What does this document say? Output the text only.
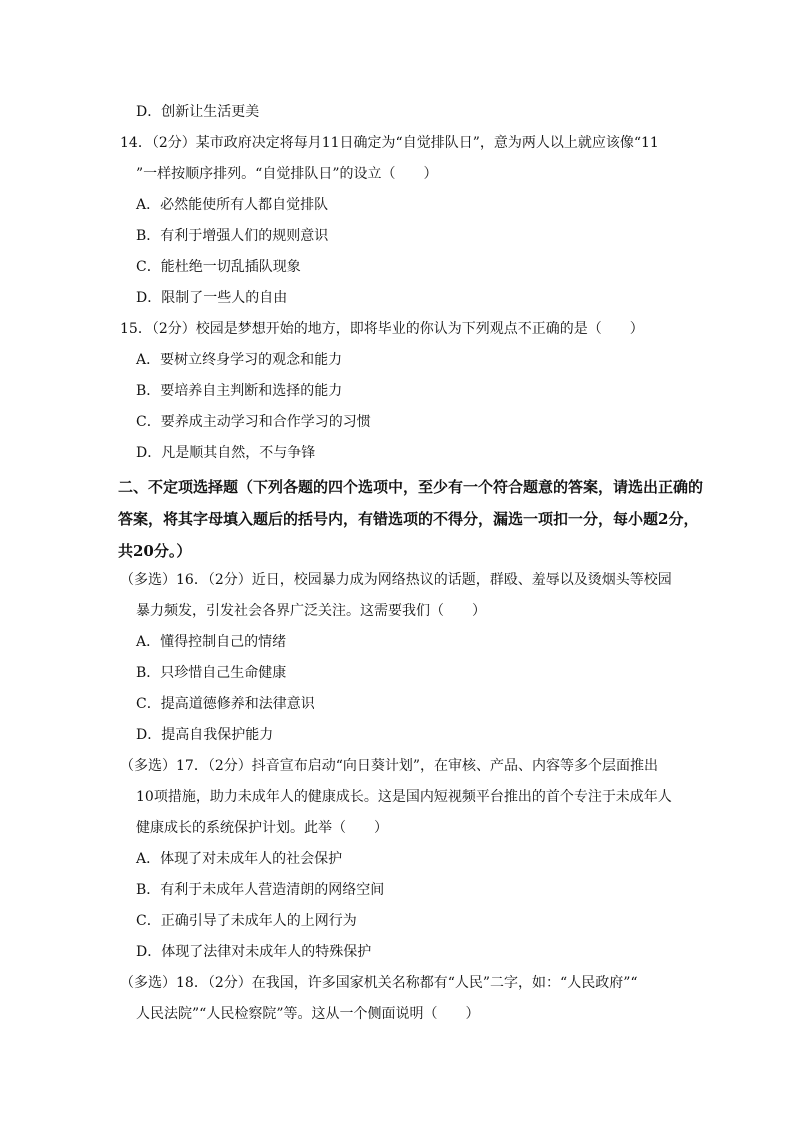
D．创新让生活更美
14．（2分）某市政府决定将每月11日确定为“自觉排队日”，意为两人以上就应该像“11
”一样按顺序排列。“自觉排队日”的设立（　　）
A．必然能使所有人都自觉排队
B．有利于增强人们的规则意识
C．能杜绝一切乱插队现象
D．限制了一些人的自由
15．（2分）校园是梦想开始的地方，即将毕业的你认为下列观点不正确的是（　　）
A．要树立终身学习的观念和能力
B．要培养自主判断和选择的能力
C．要养成主动学习和合作学习的习惯
D．凡是顺其自然，不与争锋
二、不定项选择题（下列各题的四个选项中，至少有一个符合题意的答案，请选出正确的
答案，将其字母填入题后的括号内，有错选项的不得分，漏选一项扣一分，每小题2分，
共20分。）
（多选）16．（2分）近日，校园暴力成为网络热议的话题，群殴、羞辱以及烫烟头等校园
暴力频发，引发社会各界广泛关注。这需要我们（　　）
A．懂得控制自己的情绪
B．只珍惜自己生命健康
C．提高道德修养和法律意识
D．提高自我保护能力
（多选）17．（2分）抖音宣布启动“向日葵计划”，在审核、产品、内容等多个层面推出
10项措施，助力未成年人的健康成长。这是国内短视频平台推出的首个专注于未成年人
健康成长的系统保护计划。此举（　　）
A．体现了对未成年人的社会保护
B．有利于未成年人营造清朗的网络空间
C．正确引导了未成年人的上网行为
D．体现了法律对未成年人的特殊保护
（多选）18．（2分）在我国，许多国家机关名称都有“人民”二字，如：“人民政府”“
人民法院”“人民检察院”等。这从一个侧面说明（　　）
